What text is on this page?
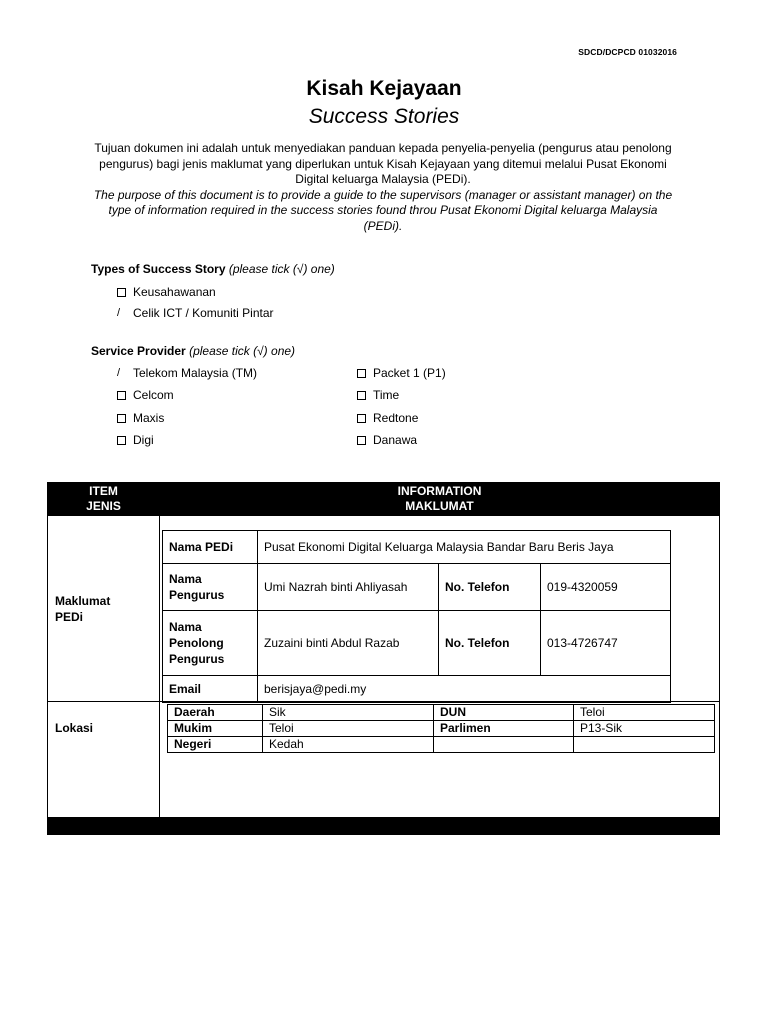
SDCD/DCPCD 01032016
Kisah Kejayaan
Success Stories

Tujuan dokumen ini adalah untuk menyediakan panduan kepada penyelia-penyelia (pengurus atau penolong pengurus) bagi jenis maklumat yang diperlukan untuk Kisah Kejayaan yang ditemui melalui Pusat Ekonomi Digital keluarga Malaysia (PEDi).

The purpose of this document is to provide a guide to the supervisors (manager or assistant manager) on the type of information required in the success stories found throu Pusat Ekonomi Digital keluarga Malaysia (PEDi).

Types of Success Story (please tick (√) one)
Keusahawanan
/	Celik ICT / Komuniti Pintar
Service Provider (please tick (√) one)
/	Telekom Malaysia (TM)
Celcom
Maxis
Digi
Packet 1 (P1)
Time
Redtone
Danawa
ITEM
JENIS
INFORMATION
MAKLUMAT
Maklumat
PEDi
Nama PEDi	Pusat Ekonomi Digital Keluarga Malaysia Bandar Baru Beris Jaya		

Nama
Pengurus	Umi Nazrah binti Ahliyasah	No. Telefon	019-4320059

Nama
Penolong
Pengurus	Zuzaini binti Abdul Razab	No. Telefon	013-4726747
Email	berisjaya@pedi.my		
Lokasi
Daerah	Sik	DUN	Teloi
Mukim	Teloi	Parlimen	P13-Sik
Negeri	Kedah		
